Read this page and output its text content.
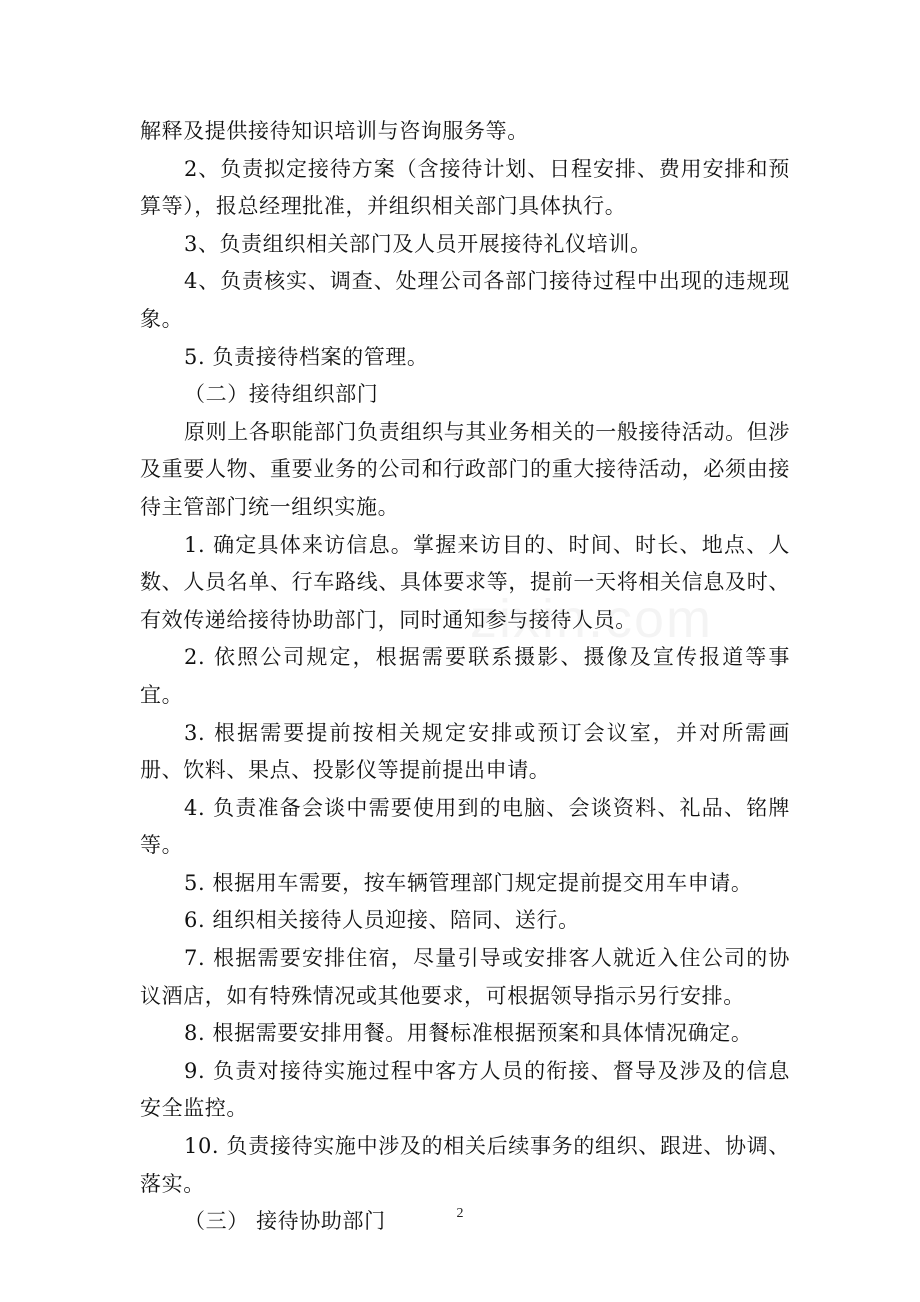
解释及提供接待知识培训与咨询服务等。

2、负责拟定接待方案（含接待计划、日程安排、费用安排和预算等），报总经理批准，并组织相关部门具体执行。

3、负责组织相关部门及人员开展接待礼仪培训。

4、负责核实、调查、处理公司各部门接待过程中出现的违规现象。

5. 负责接待档案的管理。

（二）接待组织部门

原则上各职能部门负责组织与其业务相关的一般接待活动。但涉及重要人物、重要业务的公司和行政部门的重大接待活动，必须由接待主管部门统一组织实施。

1. 确定具体来访信息。掌握来访目的、时间、时长、地点、人数、人员名单、行车路线、具体要求等，提前一天将相关信息及时、有效传递给接待协助部门，同时通知参与接待人员。

2. 依照公司规定，根据需要联系摄影、摄像及宣传报道等事宜。

3. 根据需要提前按相关规定安排或预订会议室，并对所需画册、饮料、果点、投影仪等提前提出申请。

4. 负责准备会谈中需要使用到的电脑、会谈资料、礼品、铭牌等。

5. 根据用车需要，按车辆管理部门规定提前提交用车申请。

6. 组织相关接待人员迎接、陪同、送行。

7. 根据需要安排住宿，尽量引导或安排客人就近入住公司的协议酒店，如有特殊情况或其他要求，可根据领导指示另行安排。

8. 根据需要安排用餐。用餐标准根据预案和具体情况确定。

9. 负责对接待实施过程中客方人员的衔接、督导及涉及的信息安全监控。

10. 负责接待实施中涉及的相关后续事务的组织、跟进、协调、落实。

（三） 接待协助部门	2
